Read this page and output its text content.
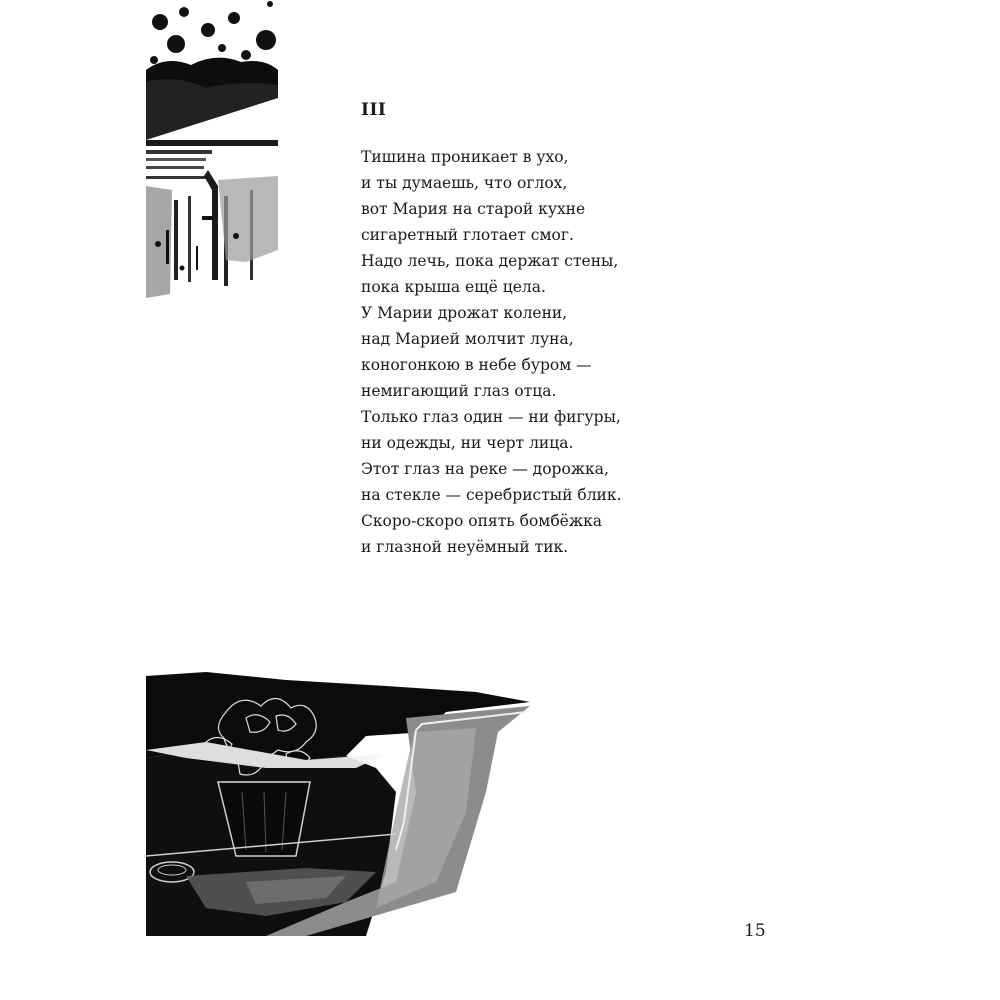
III
Тишина проникает в ухо,
и ты думаешь, что оглох,
вот Мария на старой кухне
сигаретный глотает смог.
Надо лечь, пока держат стены,
пока крыша ещё цела.
У Марии дрожат колени,
над Марией молчит луна,
коногонкою в небе буром —
немигающий глаз отца.
Только глаз один — ни фигуры,
ни одежды, ни черт лица.
Этот глаз на реке — дорожка,
на стекле — серебристый блик.
Скоро-скоро опять бомбёжка
и глазной неуёмный тик.
15
